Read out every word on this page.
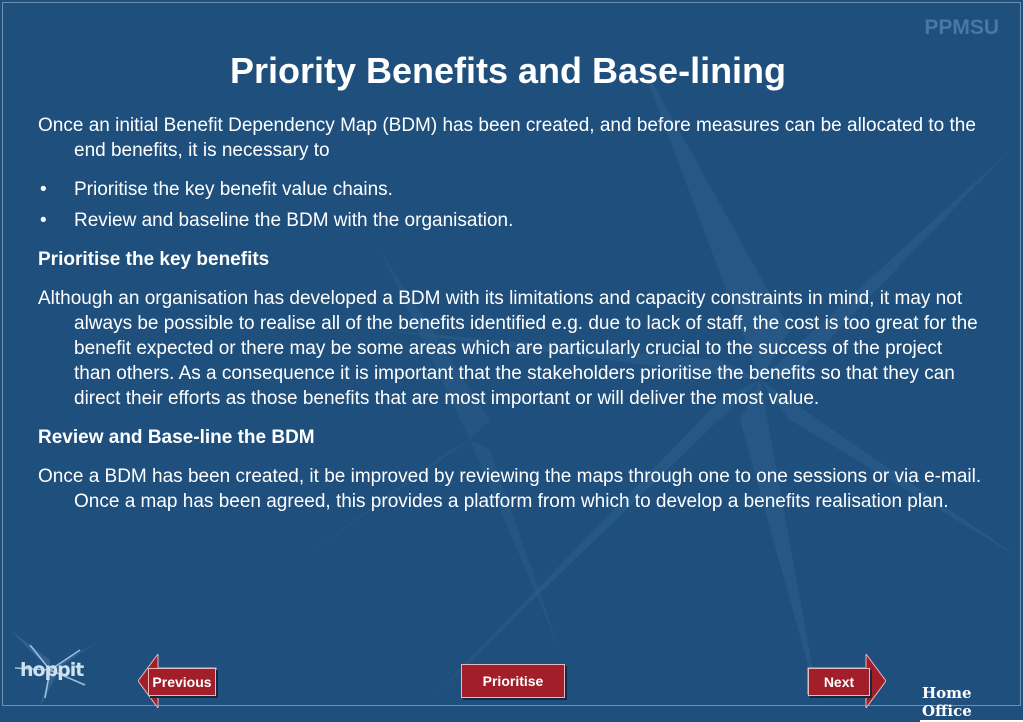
PPMSU
Priority Benefits and Base-lining

Once an initial Benefit Dependency Map (BDM) has been created, and before measures can be allocated to the end benefits, it is necessary to

• Prioritise the key benefit value chains.
• Review and baseline the BDM with the organisation.

Prioritise the key benefits

Although an organisation has developed a BDM with its limitations and capacity constraints in mind, it may not always be possible to realise all of the benefits identified e.g. due to lack of staff, the cost is too great for the benefit expected or there may be some areas which are particularly crucial to the success of the project than others. As a consequence it is important that the stakeholders prioritise the benefits so that they can direct their efforts as those benefits that are most important or will deliver the most value.

Review and Base-line the BDM

Once a BDM has been created, it be improved by reviewing the maps through one to one sessions or via e-mail. Once a map has been agreed, this provides a platform from which to develop a benefits realisation plan.

hoppit
Previous	Prioritise	Next
Home Office
